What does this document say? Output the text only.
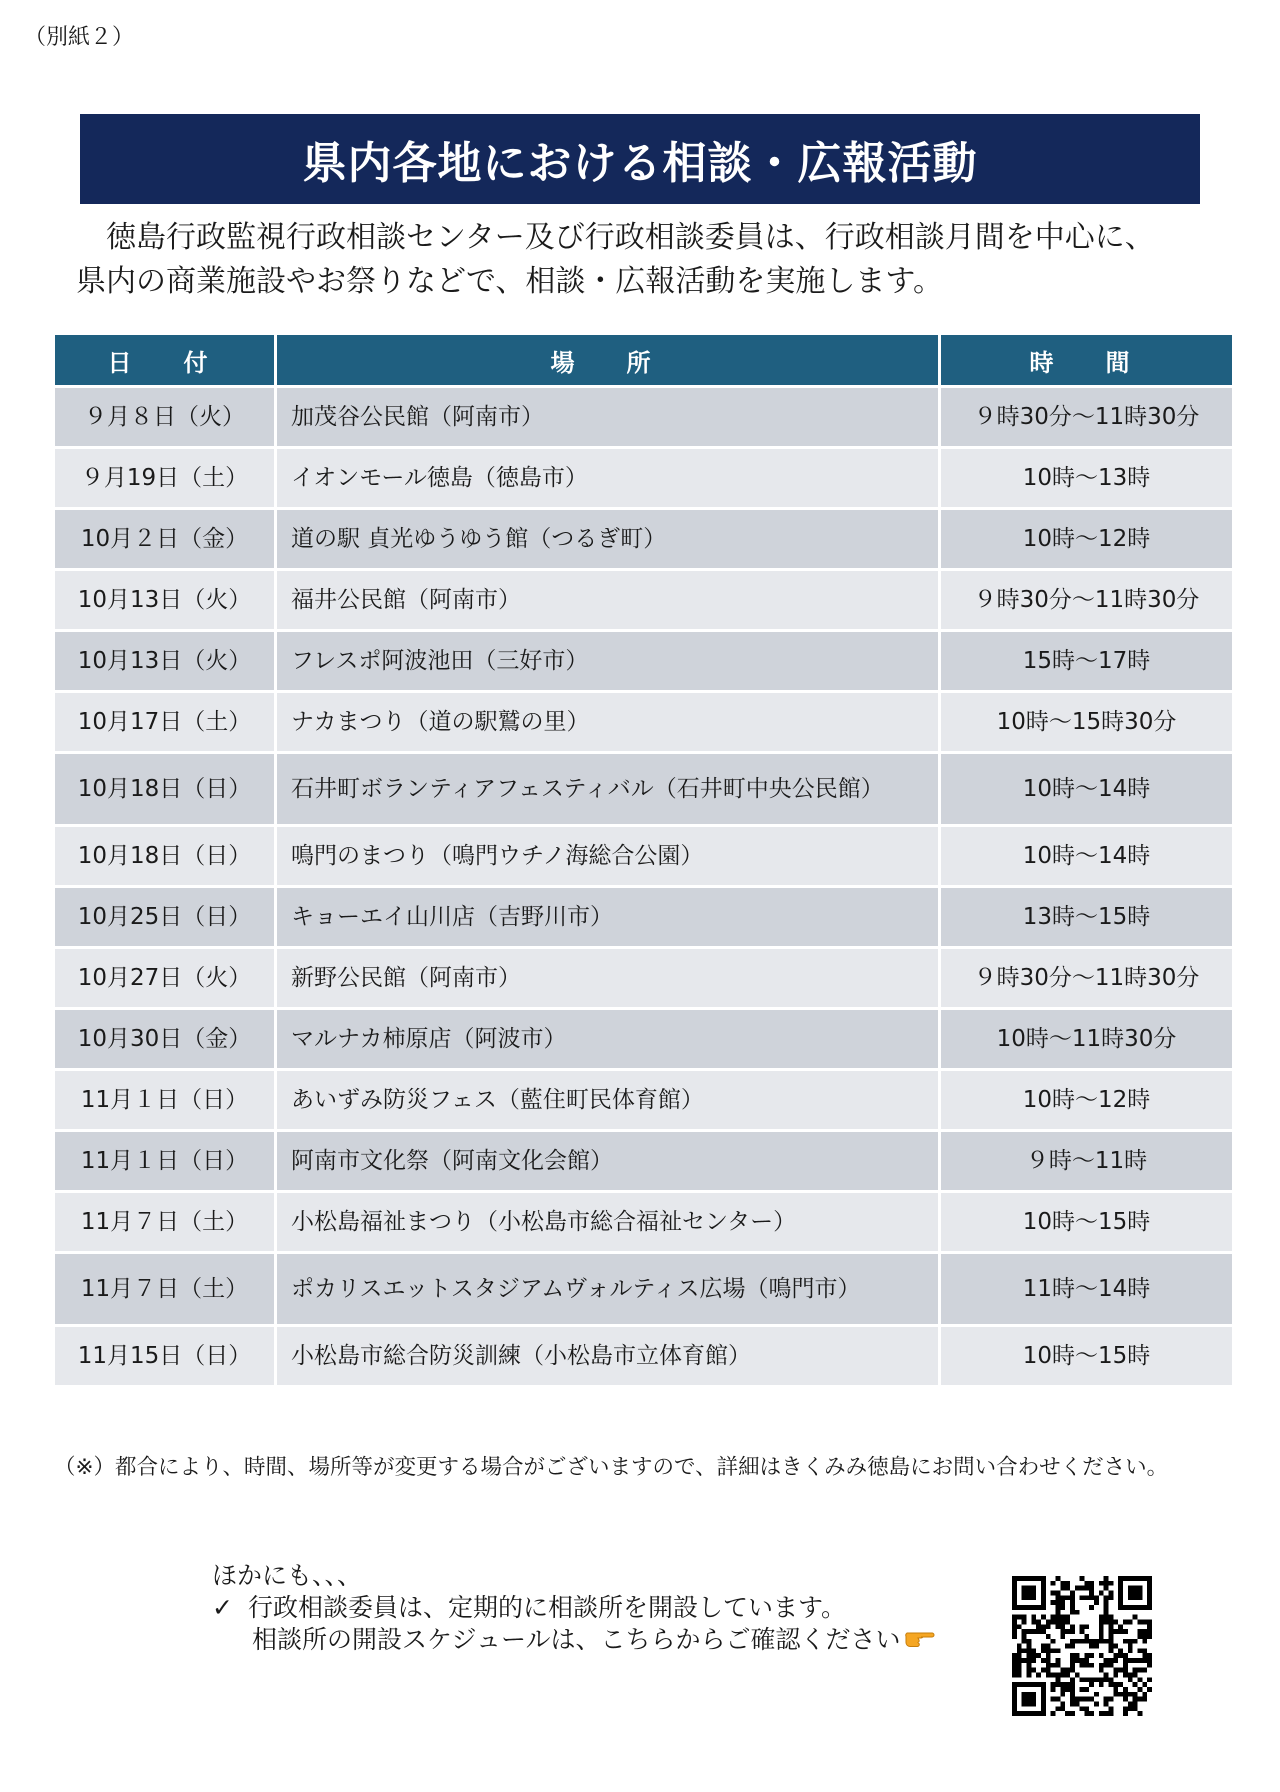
（別紙２）
県内各地における相談・広報活動
徳島行政監視行政相談センター及び行政相談委員は、行政相談月間を中心に、
県内の商業施設やお祭りなどで、相談・広報活動を実施します。
日　付	場　所	時　間
９月８日（火）	加茂谷公民館（阿南市）	９時30分～11時30分
９月19日（土）	イオンモール徳島（徳島市）	10時～13時
10月２日（金）	道の駅 貞光ゆうゆう館（つるぎ町）	10時～12時
10月13日（火）	福井公民館（阿南市）	９時30分～11時30分
10月13日（火）	フレスポ阿波池田（三好市）	15時～17時
10月17日（土）	ナカまつり（道の駅鷲の里）	10時～15時30分
10月18日（日）	石井町ボランティアフェスティバル（石井町中央公民館）	10時～14時
10月18日（日）	鳴門のまつり（鳴門ウチノ海総合公園）	10時～14時
10月25日（日）	キョーエイ山川店（吉野川市）	13時～15時
10月27日（火）	新野公民館（阿南市）	９時30分～11時30分
10月30日（金）	マルナカ柿原店（阿波市）	10時～11時30分
11月１日（日）	あいずみ防災フェス（藍住町民体育館）	10時～12時
11月１日（日）	阿南市文化祭（阿南文化会館）	９時～11時
11月７日（土）	小松島福祉まつり（小松島市総合福祉センター）	10時～15時
11月７日（土）	ポカリスエットスタジアムヴォルティス広場（鳴門市）	11時～14時
11月15日（日）	小松島市総合防災訓練（小松島市立体育館）	10時～15時
（※）都合により、時間、場所等が変更する場合がございますので、詳細はきくみみ徳島にお問い合わせください。
ほかにも、、、
✓ 行政相談委員は、定期的に相談所を開設しています。

相談所の開設スケジュールは、こちらからご確認ください
